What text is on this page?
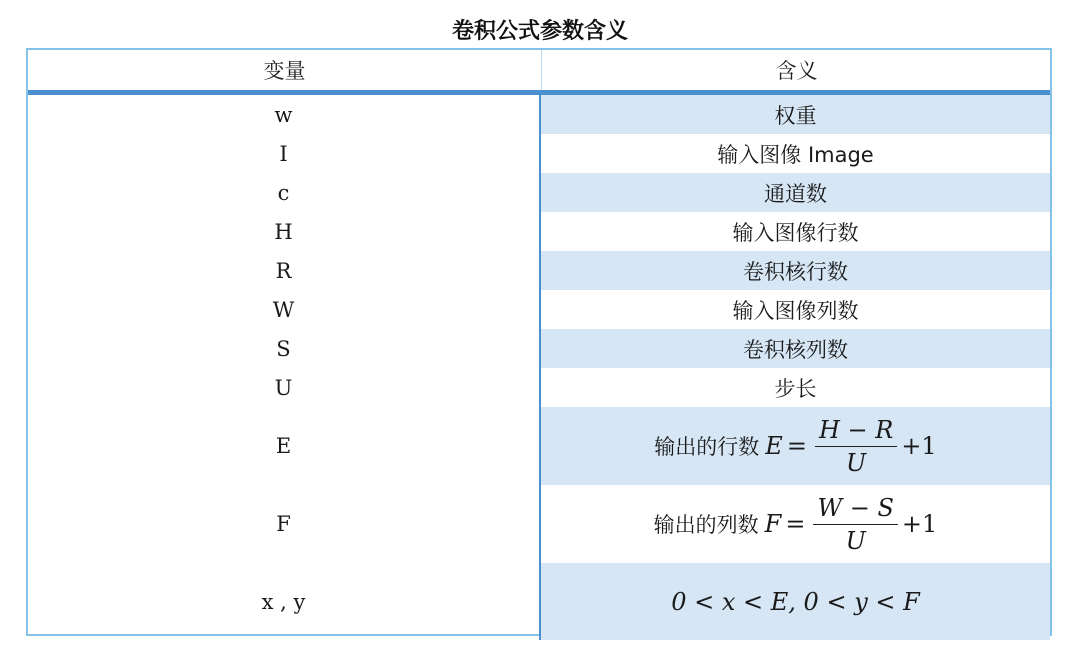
卷积公式参数含义
变量	含义
w	权重
I	输入图像 Image
c	通道数
H	输入图像行数
R	卷积核行数
W	输入图像列数
S	卷积核列数
U	步长
E	输出的行数 $E = \frac{H - R}{U} +1$
F	输出的列数 $F = \frac{W - S}{U} +1$
x , y	0 < x < E, 0 < y < F
